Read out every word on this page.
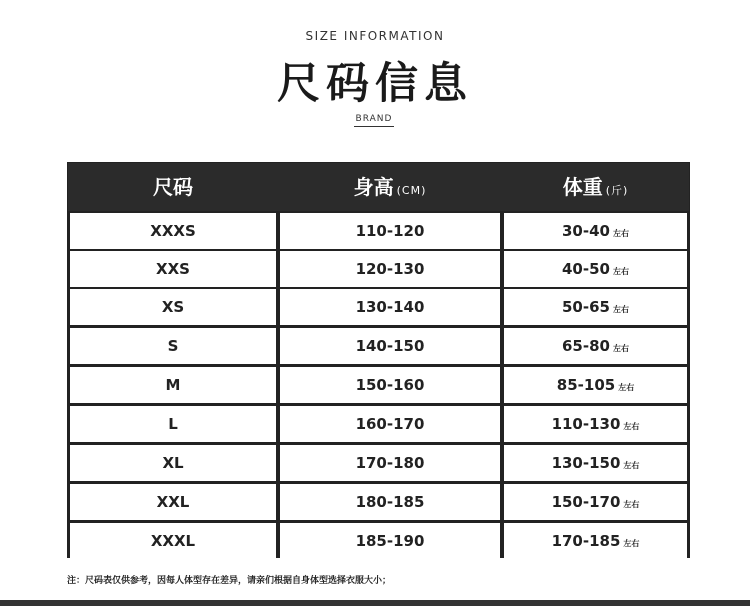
SIZE INFORMATION
尺码信息
BRAND
尺码	身高 (CM)	体重 (斤)
XXXS	110-120	30-40 左右
XXS	120-130	40-50 左右
XS	130-140	50-65 左右
S	140-150	65-80 左右
M	150-160	85-105 左右
L	160-170	110-130 左右
XL	170-180	130-150 左右
XXL	180-185	150-170 左右
XXXL	185-190	170-185 左右
注：尺码表仅供参考，因每人体型存在差异，请亲们根据自身体型选择衣服大小；
